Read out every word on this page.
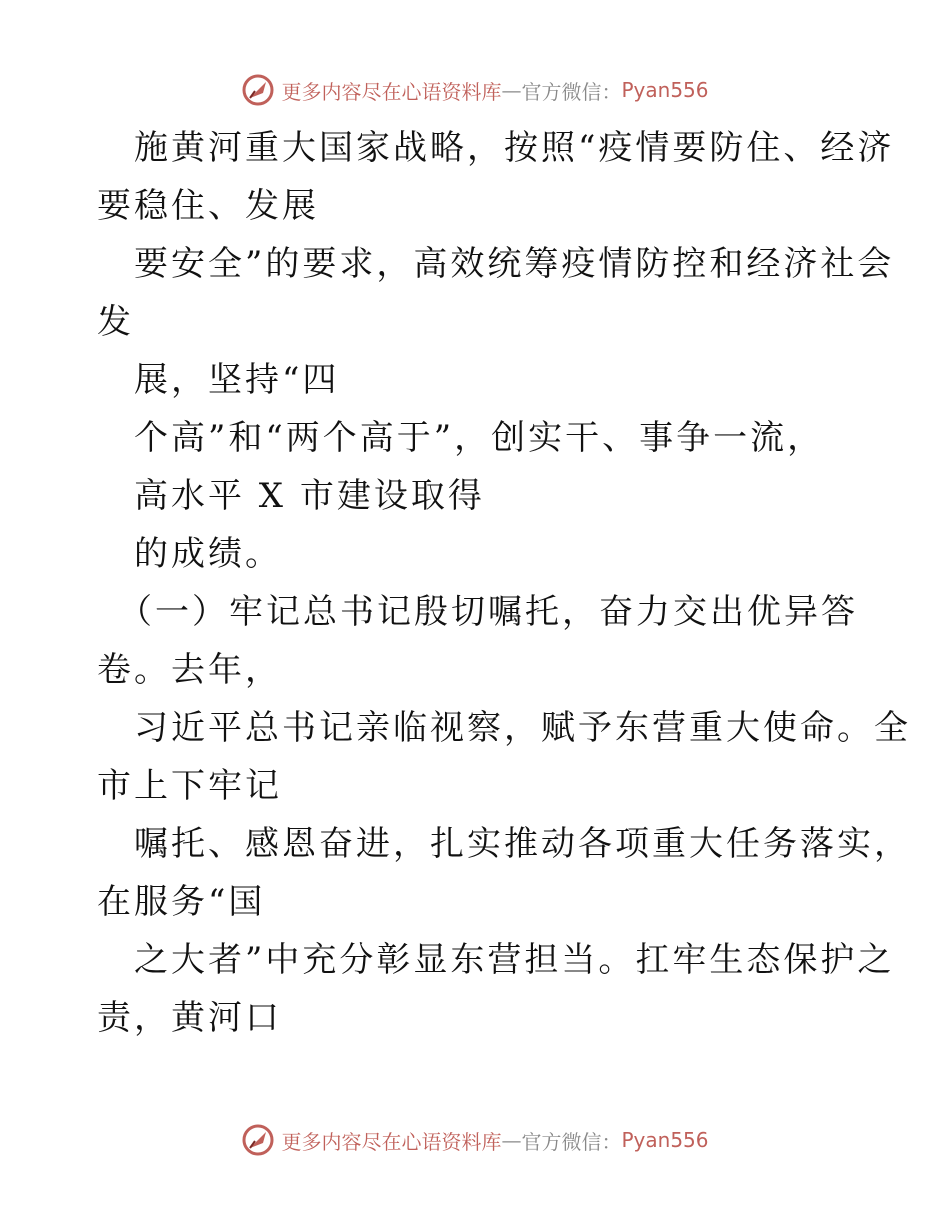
更多内容尽在心语资料库 — 官方微信： Pyan556
施黄河重大国家战略，按照“疫情要防住、经济
要稳住、发展
要安全”的要求，高效统筹疫情防控和经济社会
发
展，坚持“四
个高”和“两个高于”，创实干、事争一流，
高水平 X 市建设取得
的成绩。
（一）牢记总书记殷切嘱托，奋力交出优异答
卷。去年，
习近平总书记亲临视察，赋予东营重大使命。全
市上下牢记
嘱托、感恩奋进，扎实推动各项重大任务落实，
在服务“国
之大者”中充分彰显东营担当。扛牢生态保护之
责，黄河口
更多内容尽在心语资料库 — 官方微信： Pyan556
